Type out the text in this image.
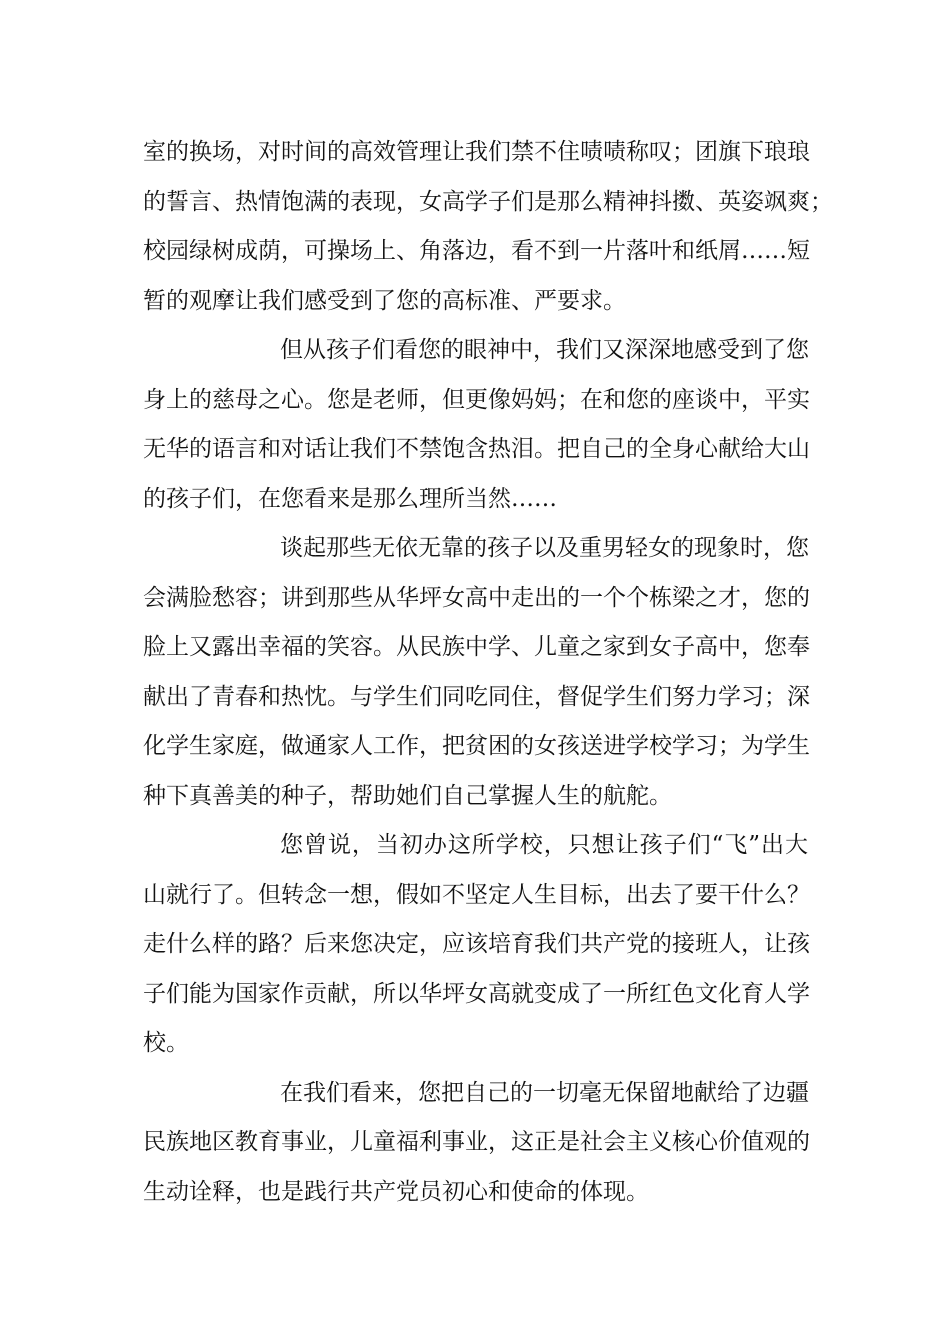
室的换场，对时间的高效管理让我们禁不住啧啧称叹；团旗下琅琅
的誓言、热情饱满的表现，女高学子们是那么精神抖擞、英姿飒爽；
校园绿树成荫，可操场上、角落边，看不到一片落叶和纸屑……短
暂的观摩让我们感受到了您的高标准、严要求。
但从孩子们看您的眼神中，我们又深深地感受到了您
身上的慈母之心。您是老师，但更像妈妈；在和您的座谈中，平实
无华的语言和对话让我们不禁饱含热泪。把自己的全身心献给大山
的孩子们，在您看来是那么理所当然……
谈起那些无依无靠的孩子以及重男轻女的现象时，您
会满脸愁容；讲到那些从华坪女高中走出的一个个栋梁之才，您的
脸上又露出幸福的笑容。从民族中学、儿童之家到女子高中，您奉
献出了青春和热忱。与学生们同吃同住，督促学生们努力学习；深
化学生家庭，做通家人工作，把贫困的女孩送进学校学习；为学生
种下真善美的种子，帮助她们自己掌握人生的航舵。
您曾说，当初办这所学校，只想让孩子们“飞”出大
山就行了。但转念一想，假如不坚定人生目标，出去了要干什么？
走什么样的路？后来您决定，应该培育我们共产党的接班人，让孩
子们能为国家作贡献，所以华坪女高就变成了一所红色文化育人学
校。
在我们看来，您把自己的一切毫无保留地献给了边疆
民族地区教育事业，儿童福利事业，这正是社会主义核心价值观的
生动诠释，也是践行共产党员初心和使命的体现。
